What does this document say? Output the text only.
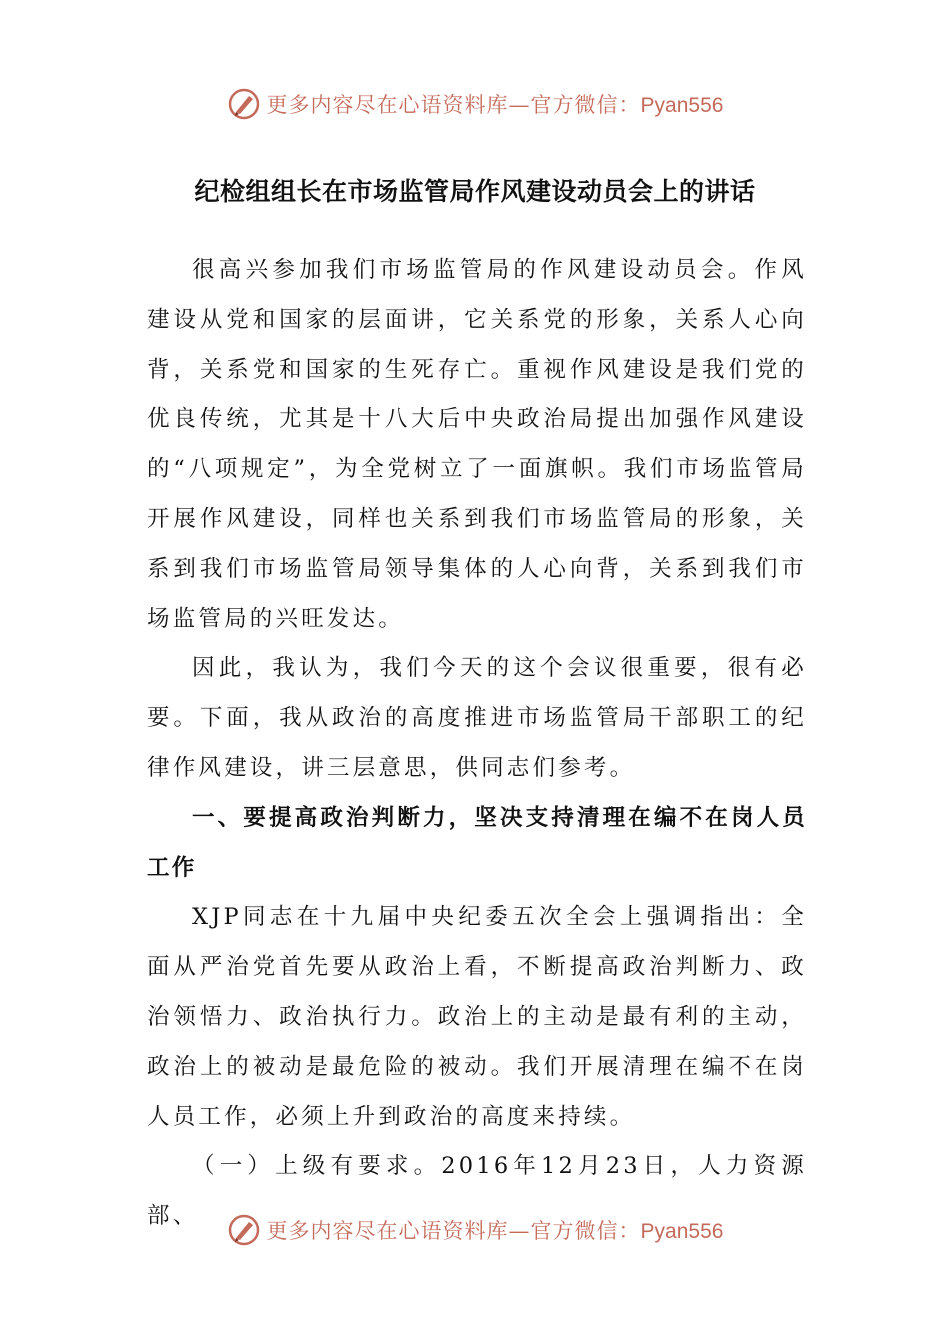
更多内容尽在心语资料库—官方微信：Pyan556
纪检组组长在市场监管局作风建设动员会上的讲话

很高兴参加我们市场监管局的作风建设动员会。作风建设从党和国家的层面讲，它关系党的形象，关系人心向背，关系党和国家的生死存亡。重视作风建设是我们党的优良传统，尤其是十八大后中央政治局提出加强作风建设的“八项规定”，为全党树立了一面旗帜。我们市场监管局开展作风建设，同样也关系到我们市场监管局的形象，关系到我们市场监管局领导集体的人心向背，关系到我们市场监管局的兴旺发达。

因此，我认为，我们今天的这个会议很重要，很有必要。下面，我从政治的高度推进市场监管局干部职工的纪律作风建设，讲三层意思，供同志们参考。

一、要提高政治判断力，坚决支持清理在编不在岗人员工作

XJP同志在十九届中央纪委五次全会上强调指出：全面从严治党首先要从政治上看，不断提高政治判断力、政治领悟力、政治执行力。政治上的主动是最有利的主动，政治上的被动是最危险的被动。我们开展清理在编不在岗人员工作，必须上升到政治的高度来持续。

（一）上级有要求。2016年12月23日，人力资源部、

更多内容尽在心语资料库—官方微信：Pyan556
